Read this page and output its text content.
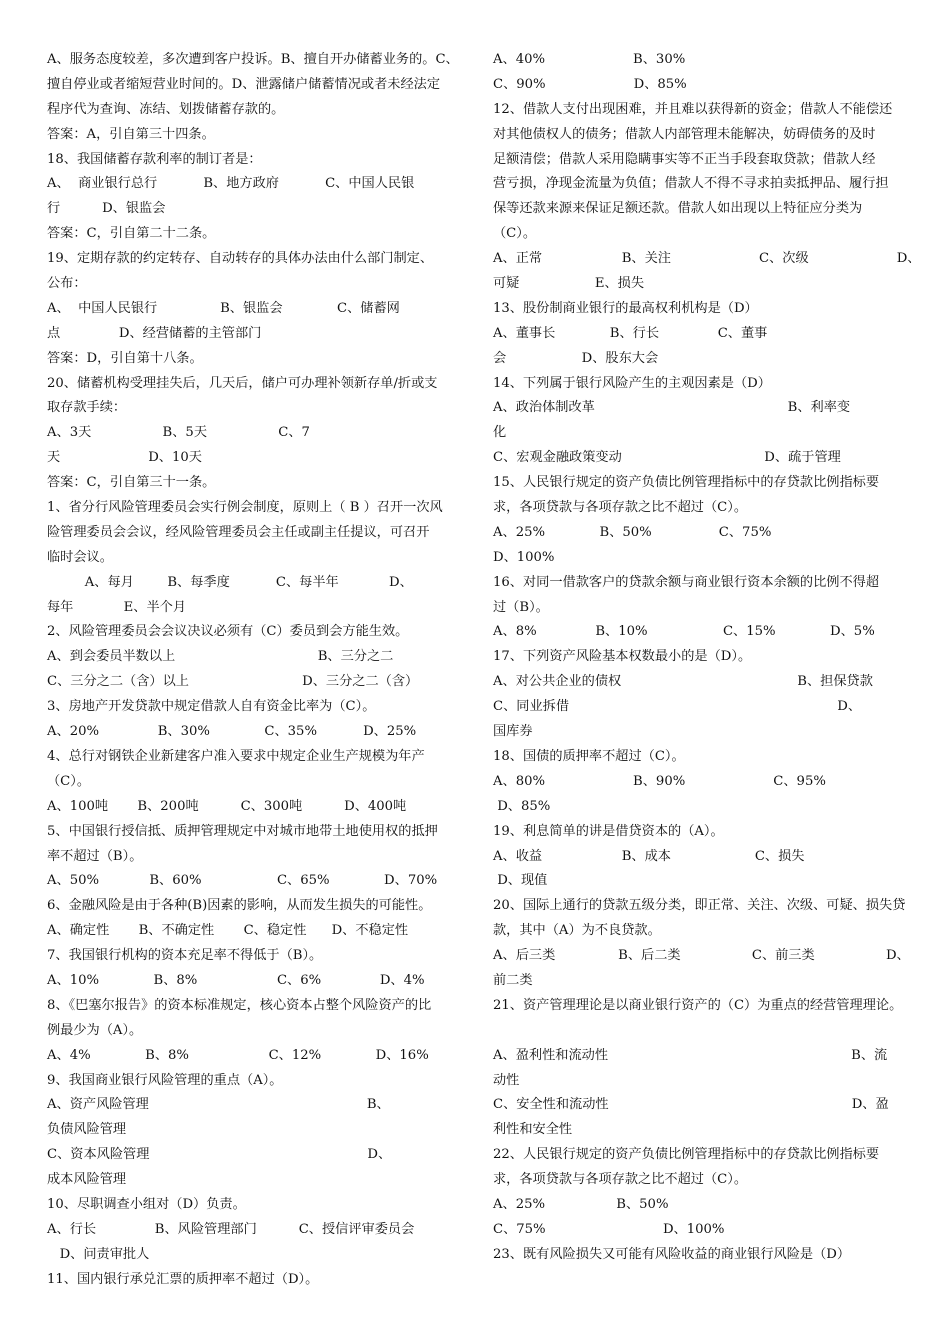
A、服务态度较差，多次遭到客户投诉。B、擅自开办储蓄业务的。C、
擅自停业或者缩短营业时间的。D、泄露储户储蓄情况或者未经法定
程序代为查询、冻结、划拨储蓄存款的。
答案：A，引自第三十四条。
18、我国储蓄存款利率的制订者是：
A、  商业银行总行           B、地方政府           C、中国人民银
行          D、银监会
答案：C，引自第二十二条。
19、定期存款的约定转存、自动转存的具体办法由什么部门制定、
公布：
A、  中国人民银行               B、银监会             C、储蓄网
点              D、经营储蓄的主管部门
答案：D，引自第十八条。
20、储蓄机构受理挂失后，几天后，储户可办理补领新存单/折或支
取存款手续：
A、3天                 B、5天                 C、7
天                     D、10天
答案：C，引自第三十一条。
1、省分行风险管理委员会实行例会制度，原则上（ B ）召开一次风
险管理委员会会议，经风险管理委员会主任或副主任提议，可召开
临时会议。
A、每月        B、每季度           C、每半年            D、
每年            E、半个月
2、风险管理委员会会议决议必须有（C）委员到会方能生效。
A、到会委员半数以上                                  B、三分之二
C、三分之二（含）以上                           D、三分之二（含）
3、房地产开发贷款中规定借款人自有资金比率为（C）。
A、20%              B、30%             C、35%           D、25%
4、总行对钢铁企业新建客户准入要求中规定企业生产规模为年产
（C）。
A、100吨       B、200吨          C、300吨          D、400吨
5、中国银行授信抵、质押管理规定中对城市地带土地使用权的抵押
率不超过（B）。
A、50%            B、60%                  C、65%             D、70%
6、金融风险是由于各种(B)因素的影响，从而发生损失的可能性。
A、确定性       B、不确定性       C、稳定性      D、不稳定性
7、我国银行机构的资本充足率不得低于（B）。
A、10%             B、8%                   C、6%              D、4%
8、《巴塞尔报告》的资本标准规定，核心资本占整个风险资产的比
例最少为（A）。
A、4%             B、8%                   C、12%             D、16%
9、我国商业银行风险管理的重点（A）。
A、资产风险管理                                                    B、
负债风险管理
C、资本风险管理                                                    D、
成本风险管理
10、尽职调查小组对（D）负责。
A、行长              B、风险管理部门          C、授信评审委员会
D、问责审批人
11、国内银行承兑汇票的质押率不超过（D）。
A、40%                     B、30%
C、90%                     D、85%
12、借款人支付出现困难，并且难以获得新的资金；借款人不能偿还
对其他债权人的债务；借款人内部管理未能解决，妨碍债务的及时
足额清偿；借款人采用隐瞒事实等不正当手段套取贷款；借款人经
营亏损，净现金流量为负值；借款人不得不寻求拍卖抵押品、履行担
保等还款来源来保证足额还款。借款人如出现以上特征应分类为
（C）。
A、正常                   B、关注                     C、次级                     D、
可疑                  E、损失
13、股份制商业银行的最高权利机构是（D）
A、董事长             B、行长              C、董事
会                  D、股东大会
14、下列属于银行风险产生的主观因素是（D）
A、政治体制改革                                              B、利率变
化
C、宏观金融政策变动                                  D、疏于管理
15、人民银行规定的资产负债比例管理指标中的存贷款比例指标要
求，各项贷款与各项存款之比不超过（C）。
A、25%             B、50%                C、75%
D、100%
16、对同一借款客户的贷款余额与商业银行资本余额的比例不得超
过（B）。
A、8%              B、10%                  C、15%             D、5%
17、下列资产风险基本权数最小的是（D）。
A、对公共企业的债权                                          B、担保贷款
C、同业拆借                                                                D、
国库券
18、国债的质押率不超过（C）。
A、80%                     B、90%                     C、95%
D、85%
19、利息简单的讲是借贷资本的（A）。
A、收益                   B、成本                    C、损失
D、现值
20、国际上通行的贷款五级分类，即正常、关注、次级、可疑、损失贷
款，其中（A）为不良贷款。
A、后三类               B、后二类                 C、前三类                 D、
前二类
21、资产管理理论是以商业银行资产的（C）为重点的经营管理理论。
A、盈利性和流动性                                                          B、流
动性
C、安全性和流动性                                                          D、盈
利性和安全性
22、人民银行规定的资产负债比例管理指标中的存贷款比例指标要
求，各项贷款与各项存款之比不超过（C）。
A、25%                 B、50%
C、75%                            D、100%
23、既有风险损失又可能有风险收益的商业银行风险是（D）
